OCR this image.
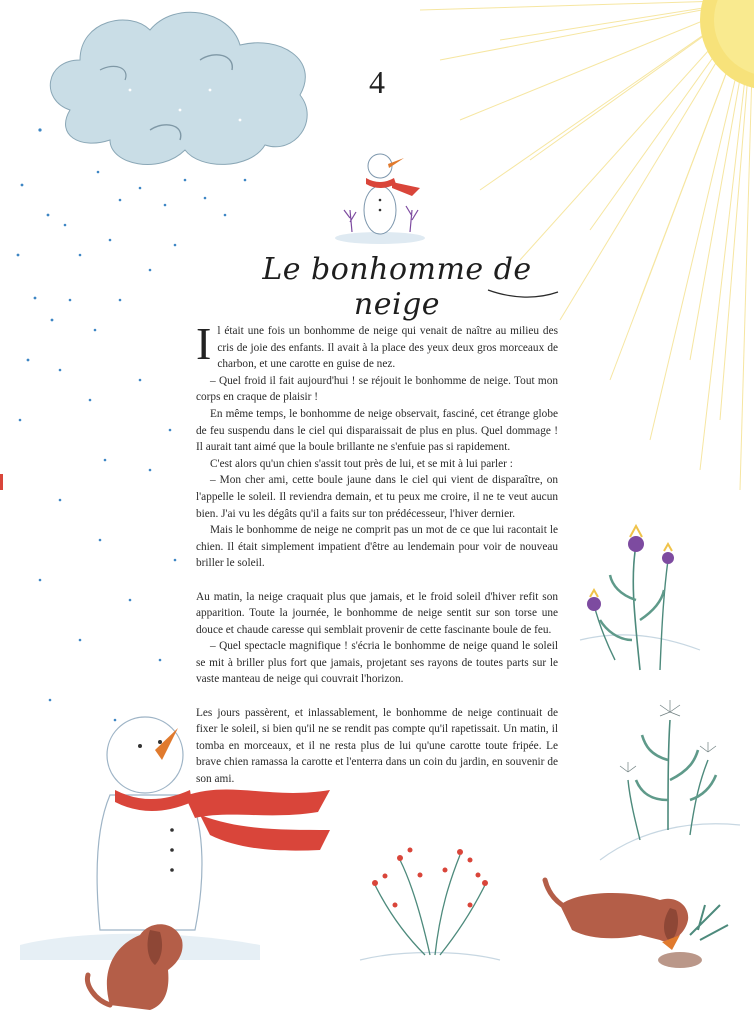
4
Le bonhomme de neige

Il était une fois un bonhomme de neige qui venait de naître au milieu des cris de joie des enfants. Il avait à la place des yeux deux gros morceaux de charbon, et une carotte en guise de nez.

– Quel froid il fait aujourd'hui ! se réjouit le bonhomme de neige. Tout mon corps en craque de plaisir !

En même temps, le bonhomme de neige observait, fasciné, cet étrange globe de feu suspendu dans le ciel qui disparaissait de plus en plus. Quel dommage ! Il aurait tant aimé que la boule brillante ne s'enfuie pas si rapidement.

C'est alors qu'un chien s'assit tout près de lui, et se mit à lui parler :

– Mon cher ami, cette boule jaune dans le ciel qui vient de disparaître, on l'appelle le soleil. Il reviendra demain, et tu peux me croire, il ne te veut aucun bien. J'ai vu les dégâts qu'il a faits sur ton prédécesseur, l'hiver dernier.

Mais le bonhomme de neige ne comprit pas un mot de ce que lui racontait le chien. Il était simplement impatient d'être au lendemain pour voir de nouveau briller le soleil.

Au matin, la neige craquait plus que jamais, et le froid soleil d'hiver refit son apparition. Toute la journée, le bonhomme de neige sentit sur son torse une douce et chaude caresse qui semblait provenir de cette fascinante boule de feu.

– Quel spectacle magnifique ! s'écria le bonhomme de neige quand le soleil se mit à briller plus fort que jamais, projetant ses rayons de toutes parts sur le vaste manteau de neige qui couvrait l'horizon.

Les jours passèrent, et inlassablement, le bonhomme de neige continuait de fixer le soleil, si bien qu'il ne se rendit pas compte qu'il rapetissait. Un matin, il tomba en morceaux, et il ne resta plus de lui qu'une carotte toute fripée. Le brave chien ramassa la carotte et l'enterra dans un coin du jardin, en souvenir de son ami.
